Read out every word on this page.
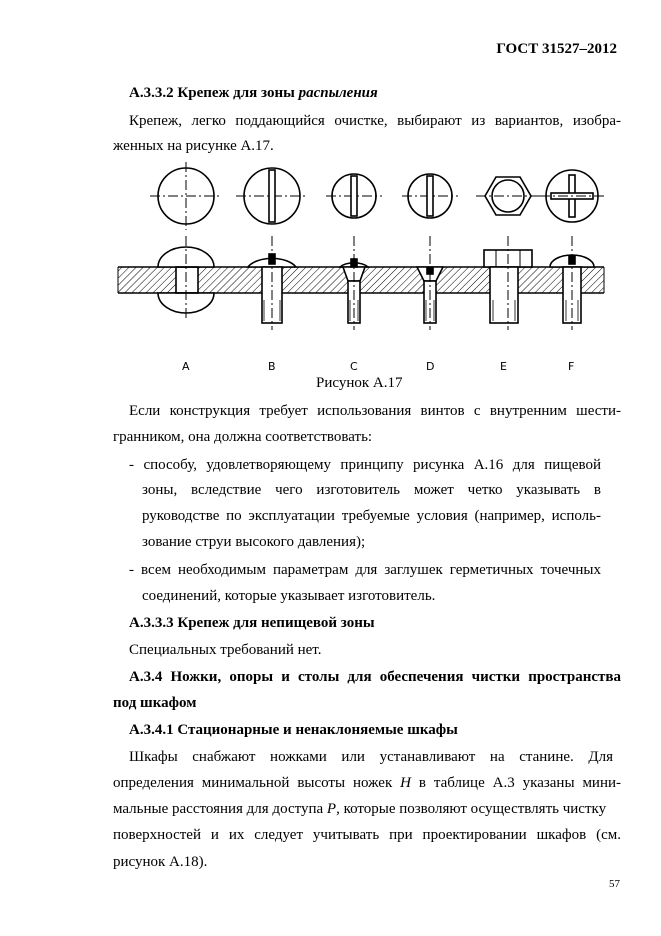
ГОСТ 31527–2012
А.3.3.2 Крепеж для зоны распыления
Крепеж, легко поддающийся очистке, выбирают из вариантов, изобра-
женных на рисунке А.17.
A	B	C	D	E	F
Рисунок А.17
Если конструкция требует использования винтов с внутренним шести-
гранником, она должна соответствовать:
- способу, удовлетворяющему принципу рисунка А.16 для пищевой
зоны, вследствие чего изготовитель может четко указывать в
руководстве по эксплуатации требуемые условия (например, исполь-
зование струи высокого давления);
- всем необходимым параметрам для заглушек герметичных точечных
соединений, которые указывает изготовитель.
А.3.3.3 Крепеж для непищевой зоны
Специальных требований нет.
А.3.4 Ножки, опоры и столы для обеспечения чистки пространства
под шкафом
А.3.4.1 Стационарные и ненаклоняемые шкафы
Шкафы снабжают ножками или устанавливают на станине. Для
определения минимальной высоты ножек H в таблице А.3 указаны мини-
мальные расстояния для доступа P, которые позволяют осуществлять чистку
поверхностей и их следует учитывать при проектировании шкафов (см.
рисунок А.18).
57
